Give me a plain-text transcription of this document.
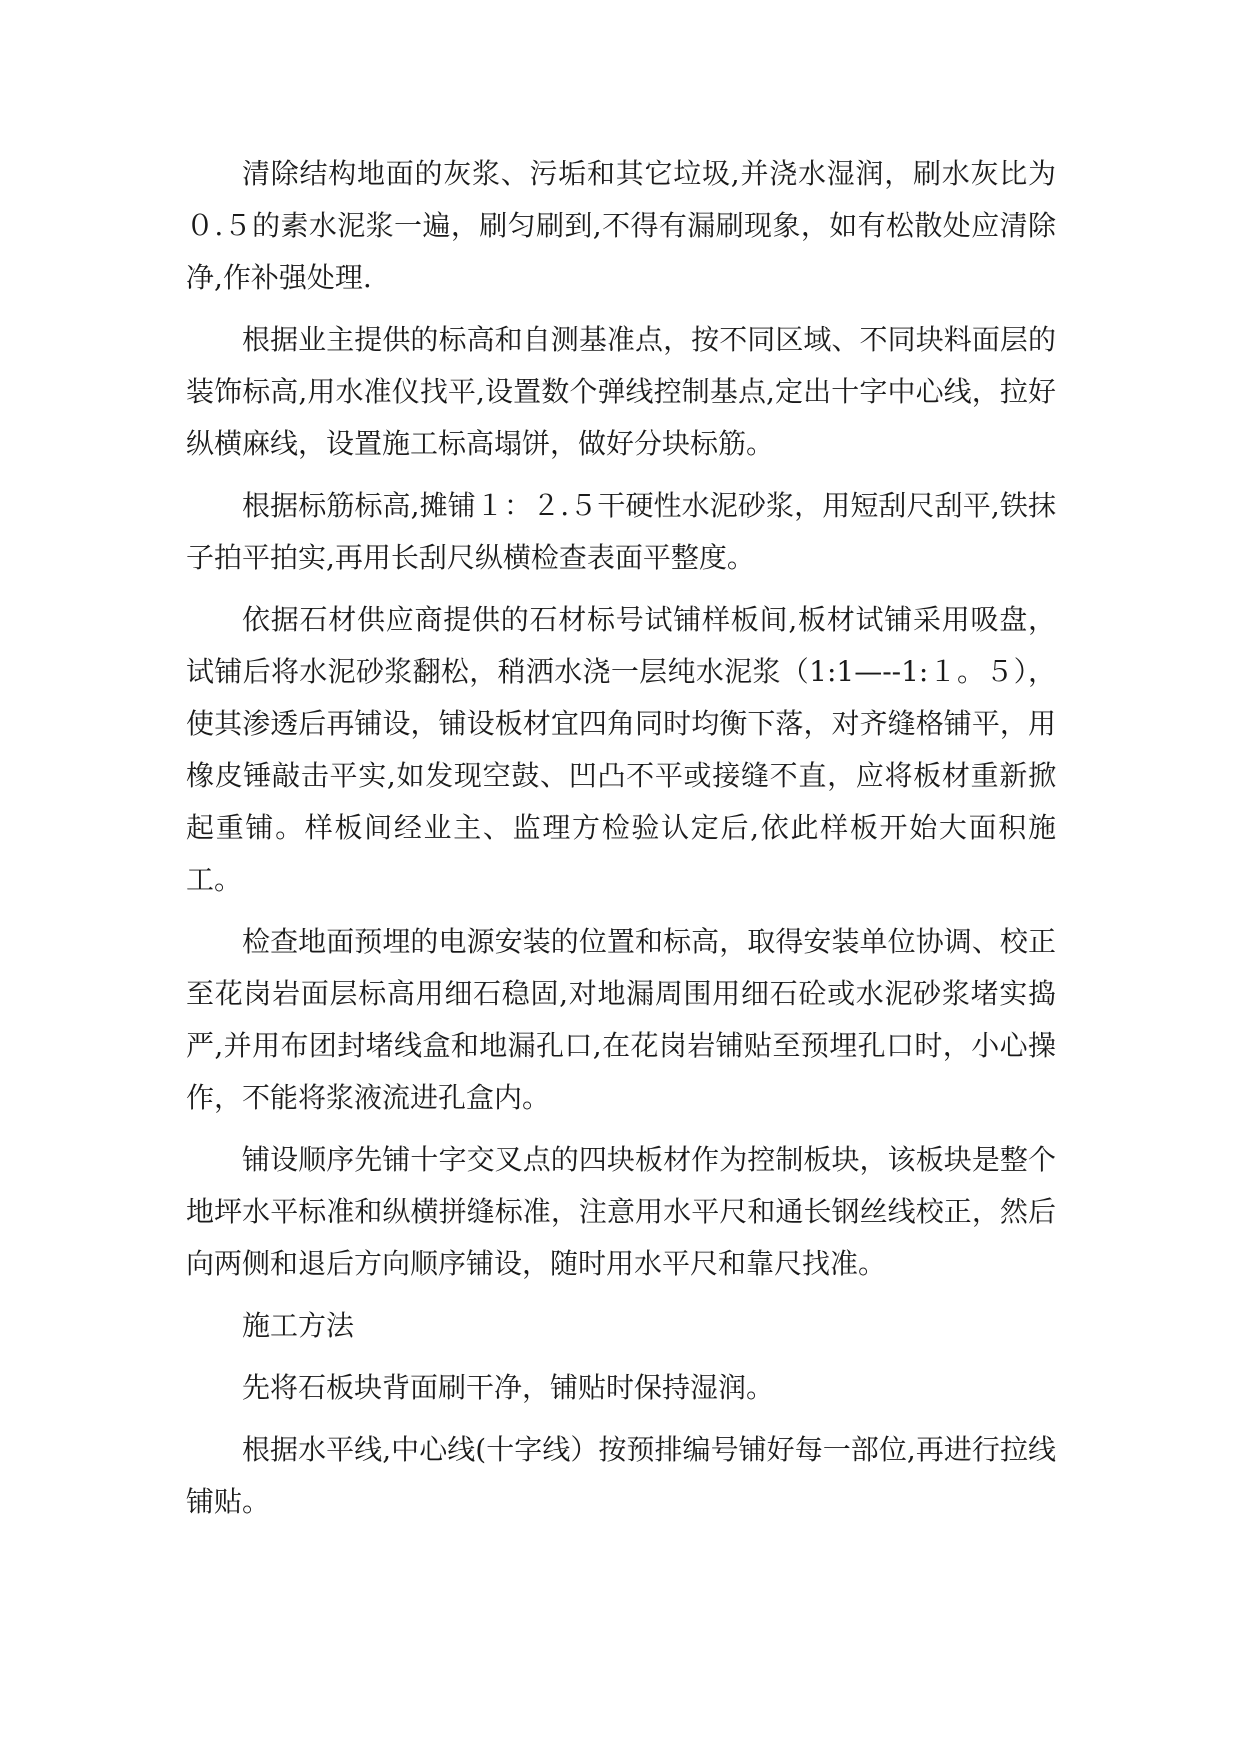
清除结构地面的灰浆、污垢和其它垃圾,并浇水湿润，刷水灰比为０.５的素水泥浆一遍，刷匀刷到,不得有漏刷现象，如有松散处应清除净,作补强处理.

根据业主提供的标高和自测基准点，按不同区域、不同块料面层的装饰标高,用水准仪找平,设置数个弹线控制基点,定出十字中心线，拉好纵横麻线，设置施工标高塌饼，做好分块标筋。

根据标筋标高,摊铺１：２.５干硬性水泥砂浆，用短刮尺刮平,铁抹子拍平拍实,再用长刮尺纵横检查表面平整度。

依据石材供应商提供的石材标号试铺样板间,板材试铺采用吸盘，试铺后将水泥砂浆翻松，稍洒水浇一层纯水泥浆（1:1—--1:１。５），使其渗透后再铺设，铺设板材宜四角同时均衡下落，对齐缝格铺平，用橡皮锤敲击平实,如发现空鼓、凹凸不平或接缝不直，应将板材重新掀起重铺。样板间经业主、监理方检验认定后,依此样板开始大面积施工。

检查地面预埋的电源安装的位置和标高，取得安装单位协调、校正至花岗岩面层标高用细石稳固,对地漏周围用细石砼或水泥砂浆堵实捣严,并用布团封堵线盒和地漏孔口,在花岗岩铺贴至预埋孔口时，小心操作，不能将浆液流进孔盒内。

铺设顺序先铺十字交叉点的四块板材作为控制板块，该板块是整个地坪水平标准和纵横拼缝标准，注意用水平尺和通长钢丝线校正，然后向两侧和退后方向顺序铺设，随时用水平尺和靠尺找准。

施工方法

先将石板块背面刷干净，铺贴时保持湿润。

根据水平线,中心线(十字线）按预排编号铺好每一部位,再进行拉线铺贴。
